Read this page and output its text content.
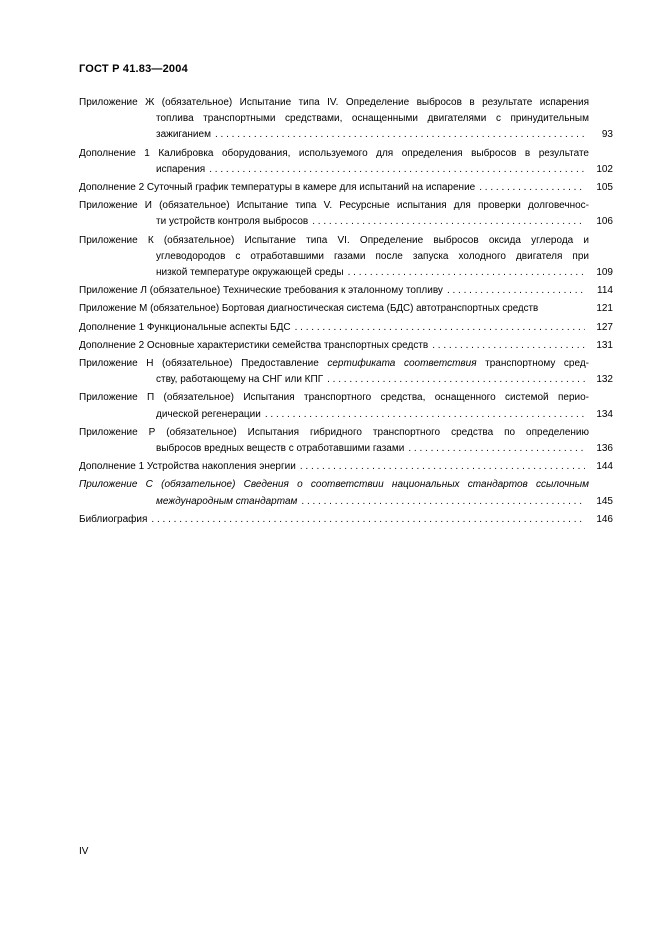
ГОСТ Р 41.83—2004
Приложение Ж (обязательное) Испытание типа IV. Определение выбросов в результате испарения
топлива транспортными средствами, оснащенными двигателями с принудительным
зажиганием . . .	93
Дополнение 1 Калибровка оборудования, используемого для определения выбросов в результате
испарения . . .	102
Дополнение 2 Суточный график температуры в камере для испытаний на испарение . . .	105
Приложение И (обязательное) Испытание типа V. Ресурсные испытания для проверки долговечнос-
ти устройств контроля выбросов . . .	106
Приложение К (обязательное) Испытание типа VI. Определение выбросов оксида углерода и
углеводородов с отработавшими газами после запуска холодного двигателя при
низкой температуре окружающей среды . . .	109
Приложение Л (обязательное) Технические требования к эталонному топливу . . .	114
Приложение М (обязательное) Бортовая диагностическая система (БДС) автотранспортных средств	121
Дополнение 1 Функциональные аспекты БДС . . .	127
Дополнение 2 Основные характеристики семейства транспортных средств . . .	131
Приложение Н (обязательное) Предоставление сертификата соответствия транспортному сред-
ству, работающему на СНГ или КПГ . . .	132
Приложение П (обязательное) Испытания транспортного средства, оснащенного системой перио-
дической регенерации . . .	134
Приложение Р (обязательное) Испытания гибридного транспортного средства по определению
выбросов вредных веществ с отработавшими газами . . .	136
Дополнение 1 Устройства накопления энергии . . .	144
Приложение С (обязательное) Сведения о соответствии национальных стандартов ссылочным
международным стандартам . . .	145
Библиография . . .	146
IV
